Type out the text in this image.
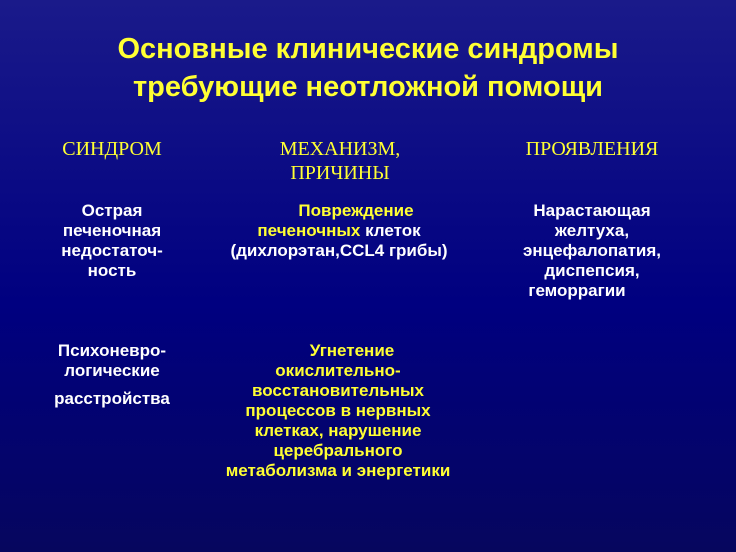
Основные клинические синдромы
требующие неотложной помощи
СИНДРОМ	МЕХАНИЗМ,
ПРИЧИНЫ
ПРОЯВЛЕНИЯ
Острая
печеночная
недостаточ-
ность
Повреждение
печеночных клеток
(дихлорэтан,CCL4 грибы)
Нарастающая
желтуха,
энцефалопатия,
диспепсия,
геморрагии
Психоневро-
логические
расстройства
Угнетение
окислительно-
восстановительных
процессов в нервных
клетках, нарушение
церебрального
метаболизма и энергетики
